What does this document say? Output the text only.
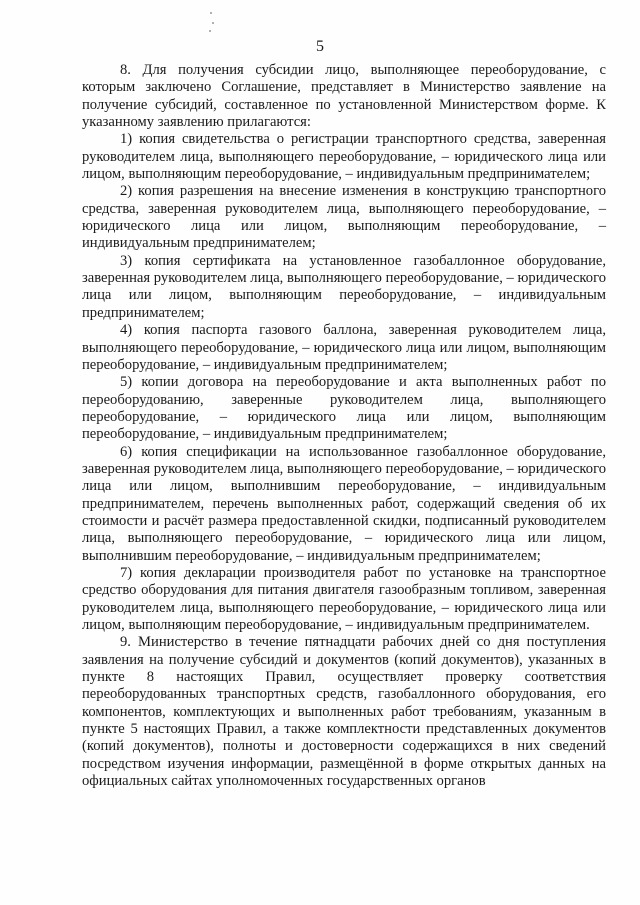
5

8. Для получения субсидии лицо, выполняющее переоборудование, с которым заключено Соглашение, представляет в Министерство заявление на получение субсидий, составленное по установленной Министерством форме. К указанному заявлению прилагаются:

1) копия свидетельства о регистрации транспортного средства, заверенная руководителем лица, выполняющего переоборудование, – юридического лица или лицом, выполняющим переоборудование, – индивидуальным предпринимателем;

2) копия разрешения на внесение изменения в конструкцию транспортного средства, заверенная руководителем лица, выполняющего переоборудование, – юридического лица или лицом, выполняющим переоборудование, – индивидуальным предпринимателем;

3) копия сертификата на установленное газобаллонное оборудование, заверенная руководителем лица, выполняющего переоборудование, – юридического лица или лицом, выполняющим переоборудование, – индивидуальным предпринимателем;

4) копия паспорта газового баллона, заверенная руководителем лица, выполняющего переоборудование, – юридического лица или лицом, выполняющим переоборудование, – индивидуальным предпринимателем;

5) копии договора на переоборудование и акта выполненных работ по переоборудованию, заверенные руководителем лица, выполняющего переоборудование, – юридического лица или лицом, выполняющим переоборудование, – индивидуальным предпринимателем;

6) копия спецификации на использованное газобаллонное оборудование, заверенная руководителем лица, выполняющего переоборудование, – юридического лица или лицом, выполнившим переоборудование, – индивидуальным предпринимателем, перечень выполненных работ, содержащий сведения об их стоимости и расчёт размера предоставленной скидки, подписанный руководителем лица, выполняющего переоборудование, – юридического лица или лицом, выполнившим переоборудование, – индивидуальным предпринимателем;

7) копия декларации производителя работ по установке на транспортное средство оборудования для питания двигателя газообразным топливом, заверенная руководителем лица, выполняющего переоборудование, – юридического лица или лицом, выполняющим переоборудование, – индивидуальным предпринимателем.

9. Министерство в течение пятнадцати рабочих дней со дня поступления заявления на получение субсидий и документов (копий документов), указанных в пункте 8 настоящих Правил, осуществляет проверку соответствия переоборудованных транспортных средств, газобаллонного оборудования, его компонентов, комплектующих и выполненных работ требованиям, указанным в пункте 5 настоящих Правил, а также комплектности представленных документов (копий документов), полноты и достоверности содержащихся в них сведений посредством изучения информации, размещённой в форме открытых данных на официальных сайтах уполномоченных государственных органов
